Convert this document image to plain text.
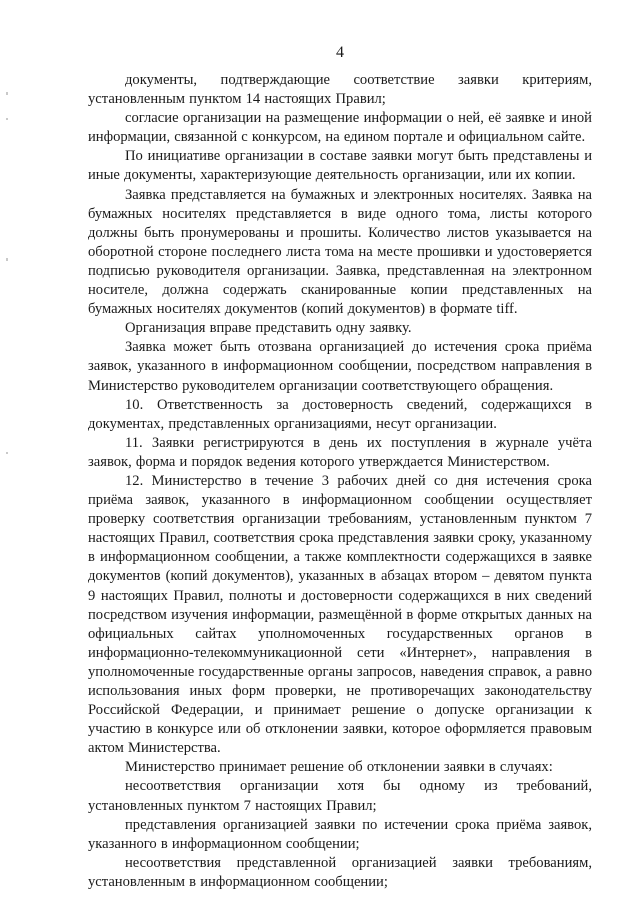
4

документы, подтверждающие соответствие заявки критериям, установленным пунктом 14 настоящих Правил;

согласие организации на размещение информации о ней, её заявке и иной информации, связанной с конкурсом, на едином портале и официальном сайте.

По инициативе организации в составе заявки могут быть представлены и иные документы, характеризующие деятельность организации, или их копии.

Заявка представляется на бумажных и электронных носителях. Заявка на бумажных носителях представляется в виде одного тома, листы которого должны быть пронумерованы и прошиты. Количество листов указывается на оборотной стороне последнего листа тома на месте прошивки и удостоверяется подписью руководителя организации. Заявка, представленная на электронном носителе, должна содержать сканированные копии представленных на бумажных носителях документов (копий документов) в формате tiff.

Организация вправе представить одну заявку.

Заявка может быть отозвана организацией до истечения срока приёма заявок, указанного в информационном сообщении, посредством направления в Министерство руководителем организации соответствующего обращения.

10. Ответственность за достоверность сведений, содержащихся в документах, представленных организациями, несут организации.

11. Заявки регистрируются в день их поступления в журнале учёта заявок, форма и порядок ведения которого утверждается Министерством.

12. Министерство в течение 3 рабочих дней со дня истечения срока приёма заявок, указанного в информационном сообщении осуществляет проверку соответствия организации требованиям, установленным пунктом 7 настоящих Правил, соответствия срока представления заявки сроку, указанному в информационном сообщении, а также комплектности содержащихся в заявке документов (копий документов), указанных в абзацах втором – девятом пункта 9 настоящих Правил, полноты и достоверности содержащихся в них сведений посредством изучения информации, размещённой в форме открытых данных на официальных сайтах уполномоченных государственных органов в информационно-телекоммуникационной сети «Интернет», направления в уполномоченные государственные органы запросов, наведения справок, а равно использования иных форм проверки, не противоречащих законодательству Российской Федерации, и принимает решение о допуске организации к участию в конкурсе или об отклонении заявки, которое оформляется правовым актом Министерства.

Министерство принимает решение об отклонении заявки в случаях:

несоответствия организации хотя бы одному из требований, установленных пунктом 7 настоящих Правил;

представления организацией заявки по истечении срока приёма заявок, указанного в информационном сообщении;

несоответствия представленной организацией заявки требованиям, установленным в информационном сообщении;
